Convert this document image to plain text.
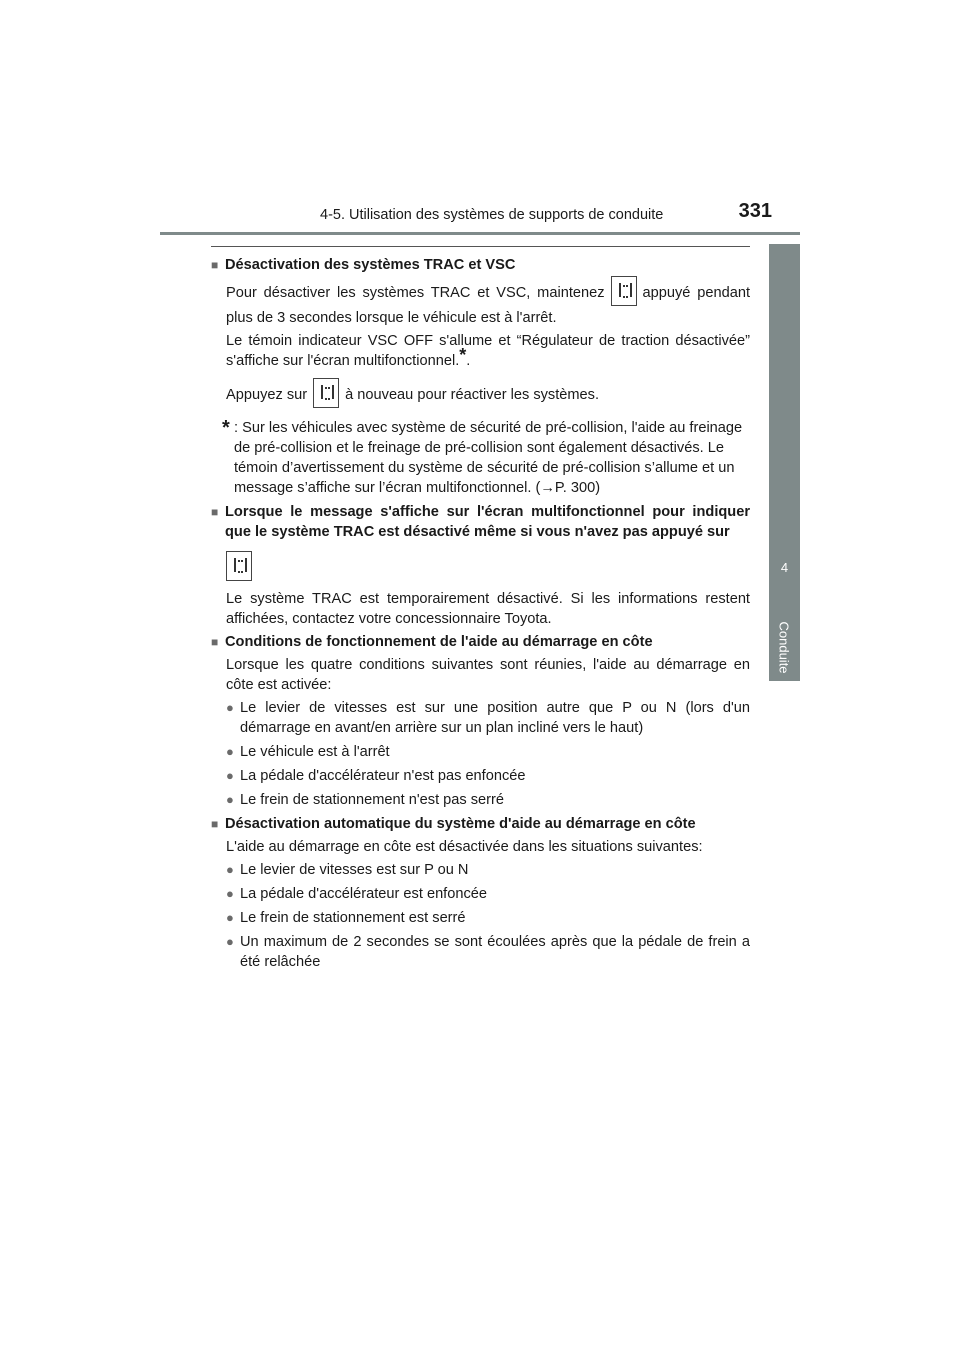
4-5. Utilisation des systèmes de supports de conduite	331
4
Conduite
■ Désactivation des systèmes TRAC et VSC
Pour désactiver les systèmes TRAC et VSC, maintenez	appuyé pendant plus de 3 secondes lorsque le véhicule est à l'arrêt.
Le témoin indicateur VSC OFF s'allume et “Régulateur de traction désactivée” s'affiche sur l'écran multifonctionnel.*.
Appuyez sur	à nouveau pour réactiver les systèmes.
* : Sur les véhicules avec système de sécurité de pré-collision, l'aide au freinage de pré-collision et le freinage de pré-collision sont également désactivés. Le témoin d’avertissement du système de sécurité de pré-collision s’allume et un message s’affiche sur l’écran multifonctionnel. (→P. 300)
■ Lorsque le message s'affiche sur l'écran multifonctionnel pour indiquer que le système TRAC est désactivé même si vous n'avez pas appuyé sur
Le système TRAC est temporairement désactivé. Si les informations restent affichées, contactez votre concessionnaire Toyota.
■ Conditions de fonctionnement de l'aide au démarrage en côte
Lorsque les quatre conditions suivantes sont réunies, l'aide au démarrage en côte est activée:
● Le levier de vitesses est sur une position autre que P ou N (lors d'un démarrage en avant/en arrière sur un plan incliné vers le haut)
● Le véhicule est à l'arrêt
● La pédale d'accélérateur n'est pas enfoncée
● Le frein de stationnement n'est pas serré
■ Désactivation automatique du système d'aide au démarrage en côte
L'aide au démarrage en côte est désactivée dans les situations suivantes:
● Le levier de vitesses est sur P ou N
● La pédale d'accélérateur est enfoncée
● Le frein de stationnement est serré
● Un maximum de 2 secondes se sont écoulées après que la pédale de frein a été relâchée
